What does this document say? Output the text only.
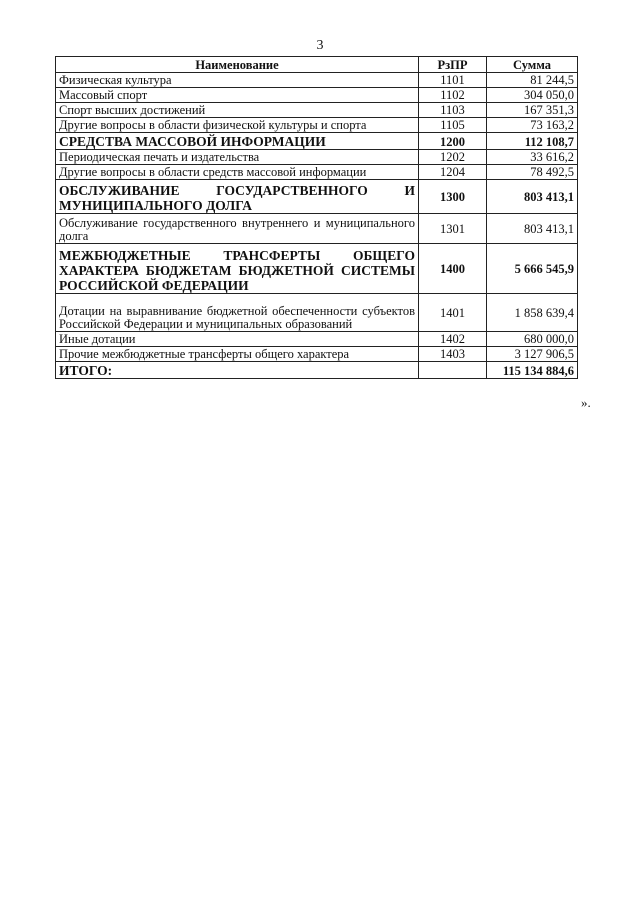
3
Наименование	РзПР	Сумма
Физическая культура	1101	81 244,5
Массовый спорт	1102	304 050,0
Спорт высших достижений	1103	167 351,3
Другие вопросы в области физической культуры и спорта	1105	73 163,2
СРЕДСТВА МАССОВОЙ ИНФОРМАЦИИ	1200	112 108,7
Периодическая печать и издательства	1202	33 616,2
Другие вопросы в области средств массовой информации	1204	78 492,5
ОБСЛУЖИВАНИЕ ГОСУДАРСТВЕННОГО И МУНИЦИПАЛЬНОГО ДОЛГА	1300	803 413,1
Обслуживание государственного внутреннего и муниципального долга	1301	803 413,1
МЕЖБЮДЖЕТНЫЕ ТРАНСФЕРТЫ ОБЩЕГО ХАРАКТЕРА БЮДЖЕТАМ БЮДЖЕТНОЙ СИСТЕМЫ РОССИЙСКОЙ ФЕДЕРАЦИИ	1400	5 666 545,9
Дотации на выравнивание бюджетной обеспеченности субъектов Российской Федерации и муниципальных образований	1401	1 858 639,4
Иные дотации	1402	680 000,0
Прочие межбюджетные трансферты общего характера	1403	3 127 906,5
ИТОГО:		115 134 884,6
».
